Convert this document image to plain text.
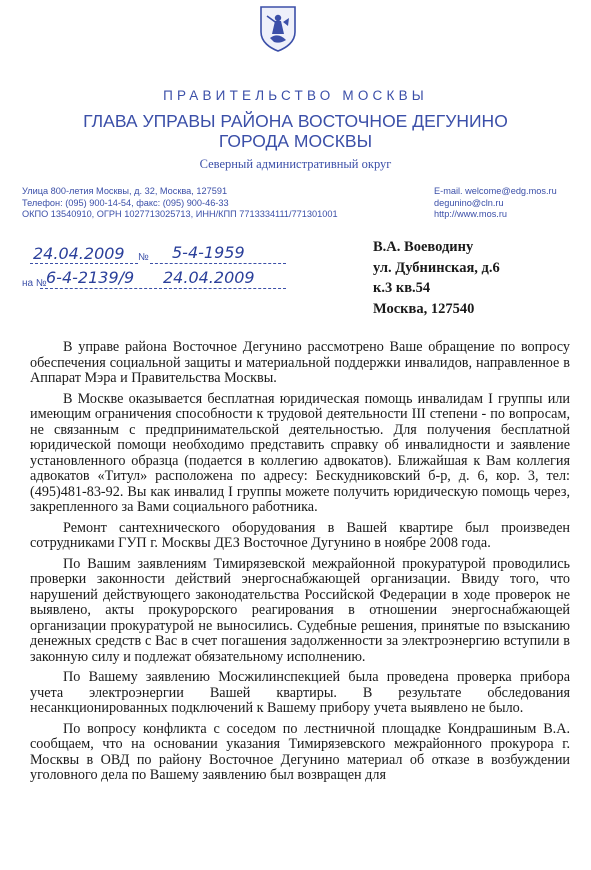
ПРАВИТЕЛЬСТВО МОСКВЫ
ГЛАВА УПРАВЫ РАЙОНА ВОСТОЧНОЕ ДЕГУНИНО
ГОРОДА МОСКВЫ
Северный административный округ
Улица 800-летия Москвы, д. 32, Москва, 127591
Телефон: (095) 900-14-54, факс: (095) 900-46-33
ОКПО 13540910, ОГРН 1027713025713, ИНН/КПП 7713334111/771301001
E-mail. welcome@edg.mos.ru
degunino@cln.ru
http://www.mos.ru
24.04.2009 № 5-4-1959
на № 6-4-2139/9 24.04.2009
В.А. Воеводину
ул. Дубнинская, д.6
к.3 кв.54
Москва, 127540

В управе района Восточное Дегунино рассмотрено Ваше обращение по вопросу обеспечения социальной защиты и материальной поддержки инвалидов, направленное в Аппарат Мэра и Правительства Москвы.

В Москве оказывается бесплатная юридическая помощь инвалидам I группы или имеющим ограничения способности к трудовой деятельности III степени - по вопросам, не связанным с предпринимательской деятельностью. Для получения бесплатной юридической помощи необходимо представить справку об инвалидности и заявление установленного образца (подается в коллегию адвокатов). Ближайшая к Вам коллегия адвокатов «Титул» расположена по адресу: Бескудниковский б-р, д. 6, кор. 3, тел: (495)481-83-92. Вы как инвалид I группы можете получить юридическую помощь через, закрепленного за Вами социального работника.

Ремонт сантехнического оборудования в Вашей квартире был произведен сотрудниками ГУП г. Москвы ДЕЗ Восточное Дугунино в ноябре 2008 года.

По Вашим заявлениям Тимирязевской межрайонной прокуратурой проводились проверки законности действий энергоснабжающей организации. Ввиду того, что нарушений действующего законодательства Российской Федерации в ходе проверок не выявлено, акты прокурорского реагирования в отношении энергоснабжающей организации прокуратурой не выносились. Судебные решения, принятые по взысканию денежных средств с Вас в счет погашения задолженности за электроэнергию вступили в законную силу и подлежат обязательному исполнению.

По Вашему заявлению Мосжилинспекцией была проведена проверка прибора учета электроэнергии Вашей квартиры. В результате обследования несанкционированных подключений к Вашему прибору учета выявлено не было.

По вопросу конфликта с соседом по лестничной площадке Кондрашиным В.А. сообщаем, что на основании указания Тимирязевского межрайонного прокурора г. Москвы в ОВД по району Восточное Дегунино материал об отказе в возбуждении уголовного дела по Вашему заявлению был возвращен для
